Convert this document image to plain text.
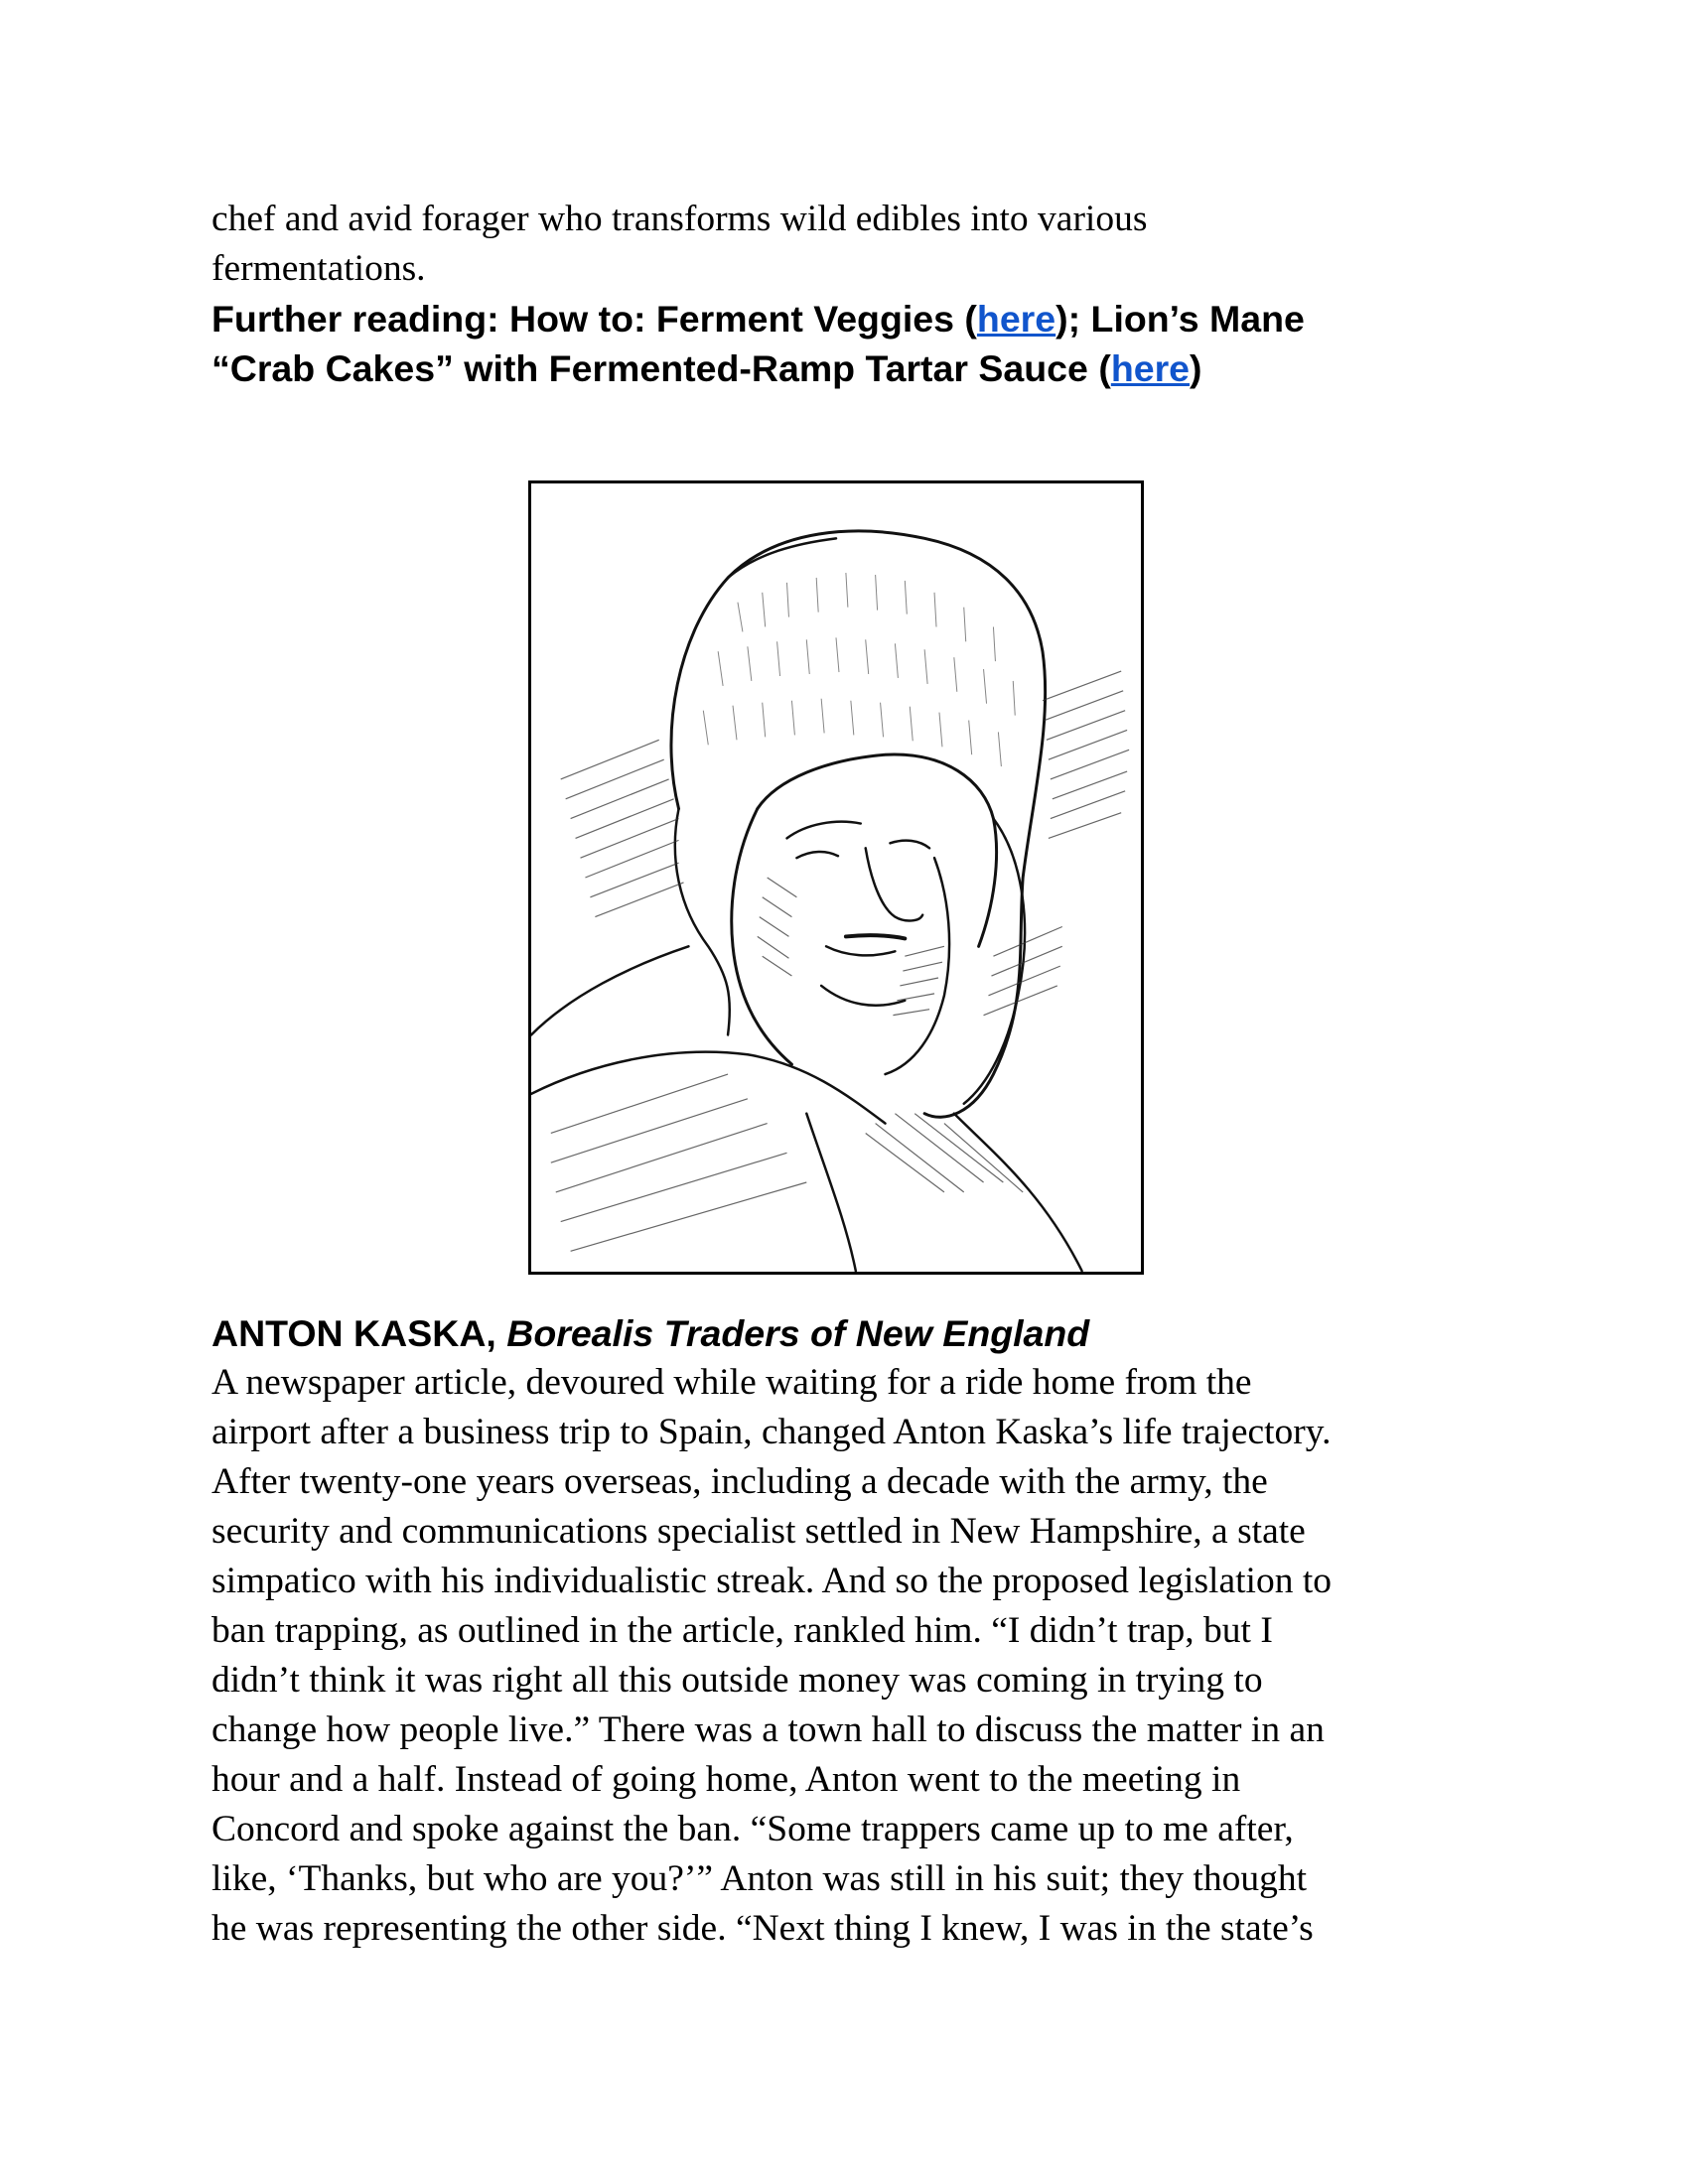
chef and avid forager who transforms wild edibles into various
fermentations.
Further reading: How to: Ferment Veggies (here); Lion’s Mane
“Crab Cakes” with Fermented-Ramp Tartar Sauce (here)
ANTON KASKA, Borealis Traders of New England
A newspaper article, devoured while waiting for a ride home from the
airport after a business trip to Spain, changed Anton Kaska’s life trajectory.
After twenty-one years overseas, including a decade with the army, the
security and communications specialist settled in New Hampshire, a state
simpatico with his individualistic streak. And so the proposed legislation to
ban trapping, as outlined in the article, rankled him. “I didn’t trap, but I
didn’t think it was right all this outside money was coming in trying to
change how people live.” There was a town hall to discuss the matter in an
hour and a half. Instead of going home, Anton went to the meeting in
Concord and spoke against the ban. “Some trappers came up to me after,
like, ‘Thanks, but who are you?’” Anton was still in his suit; they thought
he was representing the other side. “Next thing I knew, I was in the state’s
